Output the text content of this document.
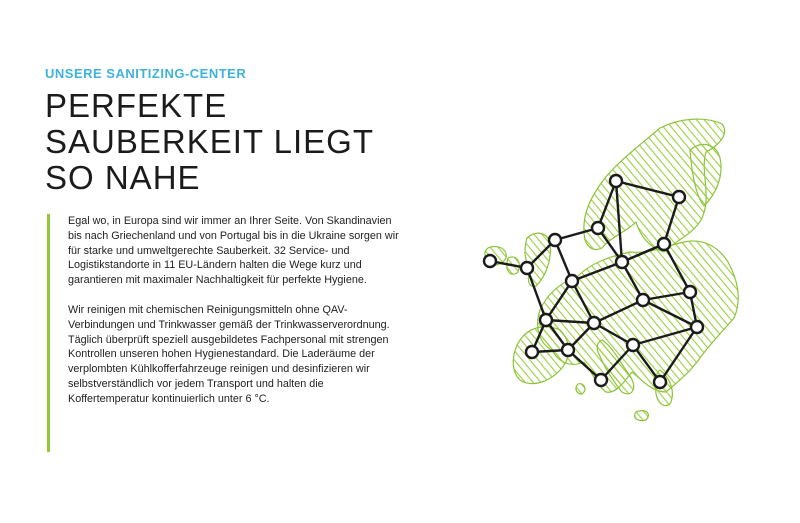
UNSERE SANITIZING-CENTER
PERFEKTE
SAUBERKEIT LIEGT
SO NAHE

Egal wo, in Europa sind wir immer an Ihrer Seite. Von Skandinavien bis nach Griechenland und von Portugal bis in die Ukraine sorgen wir für starke und umweltgerechte Sauberkeit. 32 Service- und Logistikstandorte in 11 EU-Ländern halten die Wege kurz und garantieren mit maximaler Nachhaltigkeit für perfekte Hygiene.

Wir reinigen mit chemischen Reinigungsmitteln ohne QAV-Verbindungen und Trinkwasser gemäß der Trinkwasserverordnung. Täglich überprüft speziell ausgebildetes Fachpersonal mit strengen Kontrollen unseren hohen Hygienestandard. Die Laderäume der verplombten Kühlkofferfahrzeuge reinigen und desinfizieren wir selbstverständlich vor jedem Transport und halten die Koffertemperatur kontinuierlich unter 6 °C.
